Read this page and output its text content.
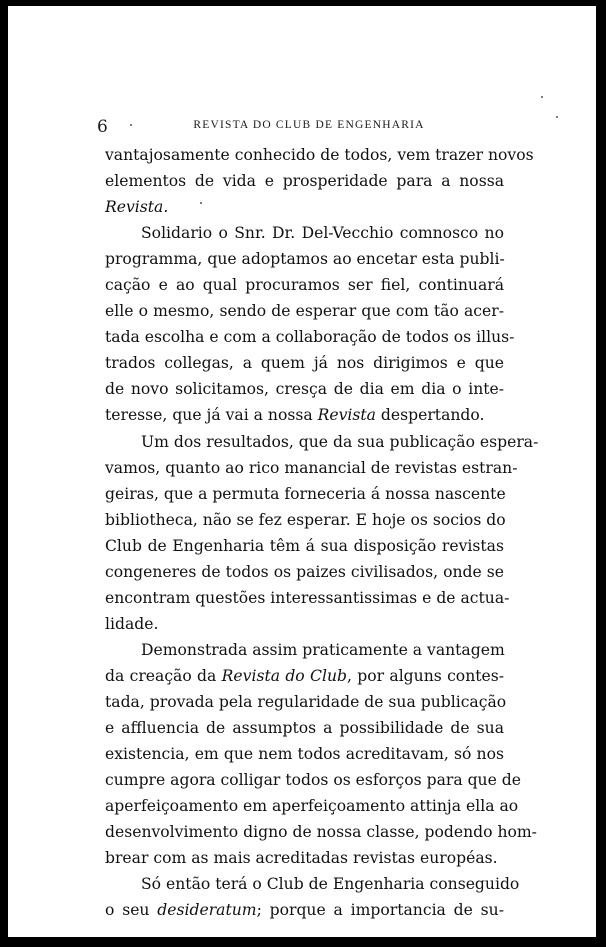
6	REVISTA DO CLUB DE ENGENHARIA
vantajosamente conhecido de todos, vem trazer novos
elementos de vida e prosperidade para a nossa
Revista.
Solidario o Snr. Dr. Del-Vecchio comnosco no
programma, que adoptamos ao encetar esta publi-
cação e ao qual procuramos ser fiel, continuará
elle o mesmo, sendo de esperar que com tão acer-
tada escolha e com a collaboração de todos os illus-
trados collegas, a quem já nos dirigimos e que
de novo solicitamos, cresça de dia em dia o inte-
teresse, que já vai a nossa Revista despertando.
Um dos resultados, que da sua publicação espera-
vamos, quanto ao rico manancial de revistas estran-
geiras, que a permuta forneceria á nossa nascente
bibliotheca, não se fez esperar. E hoje os socios do
Club de Engenharia têm á sua disposição revistas
congeneres de todos os paizes civilisados, onde se
encontram questões interessantissimas e de actua-
lidade.
Demonstrada assim praticamente a vantagem
da creação da Revista do Club, por alguns contes-
tada, provada pela regularidade de sua publicação
e affluencia de assumptos a possibilidade de sua
existencia, em que nem todos acreditavam, só nos
cumpre agora colligar todos os esforços para que de
aperfeiçoamento em aperfeiçoamento attinja ella ao
desenvolvimento digno de nossa classe, podendo hom-
brear com as mais acreditadas revistas européas.
Só então terá o Club de Engenharia conseguido
o seu desideratum; porque a importancia de su-
